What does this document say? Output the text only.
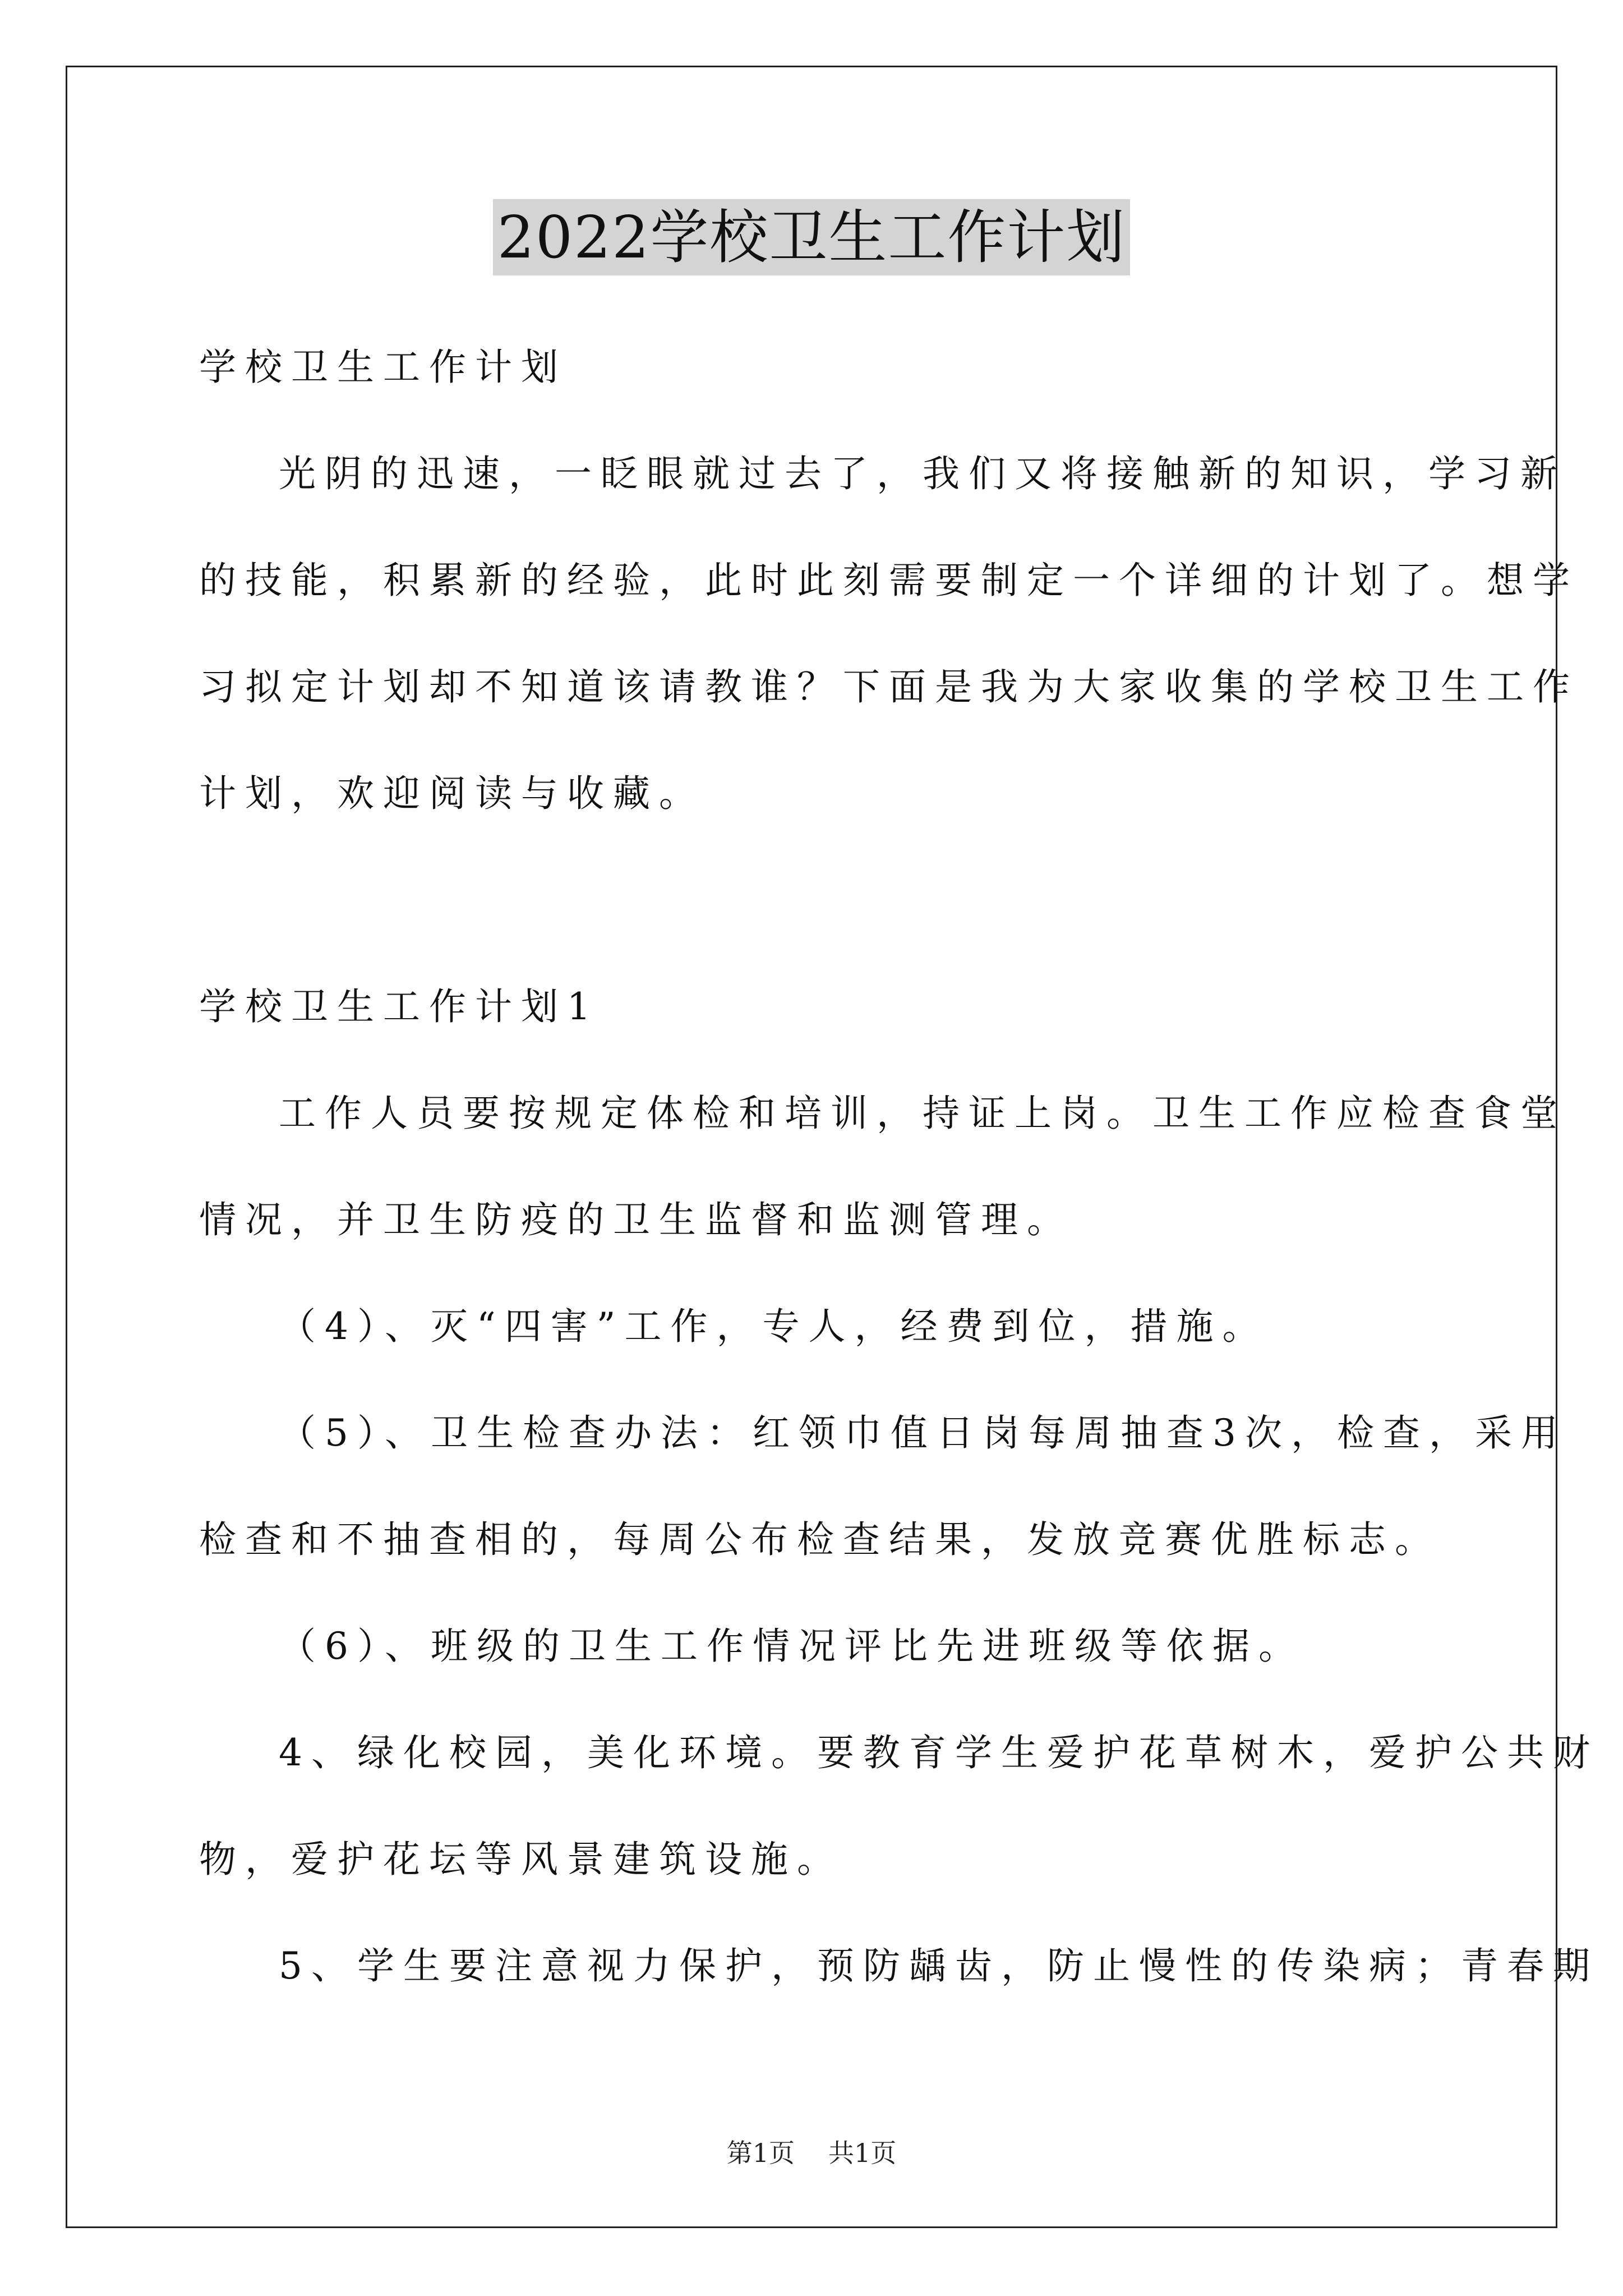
2022学校卫生工作计划
学校卫生工作计划
光阴的迅速，一眨眼就过去了，我们又将接触新的知识，学习新
的技能，积累新的经验，此时此刻需要制定一个详细的计划了。想学
习拟定计划却不知道该请教谁？下面是我为大家收集的学校卫生工作
计划，欢迎阅读与收藏。
学校卫生工作计划1
工作人员要按规定体检和培训，持证上岗。卫生工作应检查食堂
情况，并卫生防疫的卫生监督和监测管理。
（4）、灭“四害”工作，专人，经费到位，措施。
（5）、卫生检查办法：红领巾值日岗每周抽查3次，检查，采用
检查和不抽查相的，每周公布检查结果，发放竞赛优胜标志。
（6）、班级的卫生工作情况评比先进班级等依据。
4、绿化校园，美化环境。要教育学生爱护花草树木，爱护公共财
物，爱护花坛等风景建筑设施。
5、学生要注意视力保护，预防龋齿，防止慢性的传染病；青春期
第1页 共1页
